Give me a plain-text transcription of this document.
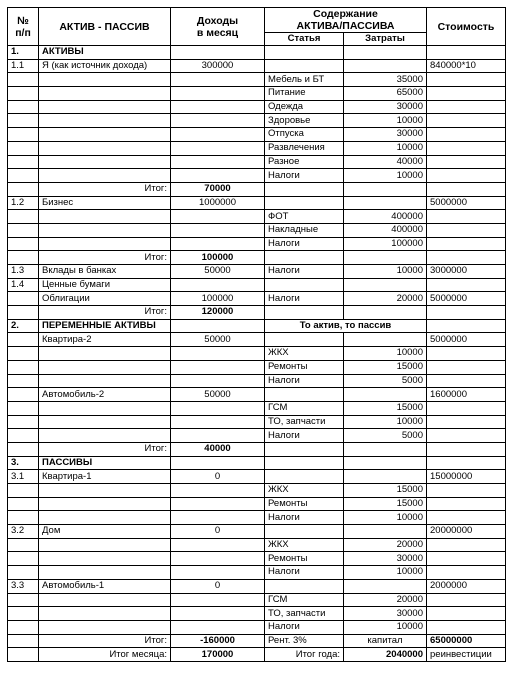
№
п/п	АКТИВ - ПАССИВ	Доходы
в месяц	Содержание
АКТИВА/ПАССИВА		Стоимость
			Статья	Затраты	
1.	АКТИВЫ				
1.1	Я (как источник дохода)	300000			840000*10
			Мебель и БТ	35000	
			Питание	65000	
			Одежда	30000	
			Здоровье	10000	
			Отпуска	30000	
			Развлечения	10000	
			Разное	40000	
			Налоги	10000	
	Итог:	70000			
1.2	Бизнес	1000000			5000000
			ФОТ	400000	
			Накладные	400000	
			Налоги	100000	
	Итог:	100000			
1.3	Вклады в банках	50000	Налоги	10000	3000000
1.4	Ценные бумаги				
	Облигации	100000	Налоги	20000	5000000
	Итог:	120000			
2.	ПЕРЕМЕННЫЕ АКТИВЫ		То актив, то пассив		
	Квартира-2	50000			5000000
			ЖКХ	10000	
			Ремонты	15000	
			Налоги	5000	
	Автомобиль-2	50000			1600000
			ГСМ	15000	
			ТО, запчасти	10000	
			Налоги	5000	
	Итог:	40000			
3.	ПАССИВЫ				
3.1	Квартира-1	0			15000000
			ЖКХ	15000	
			Ремонты	15000	
			Налоги	10000	
3.2	Дом	0			20000000
			ЖКХ	20000	
			Ремонты	30000	
			Налоги	10000	
3.3	Автомобиль-1	0			2000000
			ГСМ	20000	
			ТО, запчасти	30000	
			Налоги	10000	
	Итог:	-160000	Рент. 3%	капитал	65000000
	Итог месяца:	170000	Итог года:	2040000	реинвестиции
